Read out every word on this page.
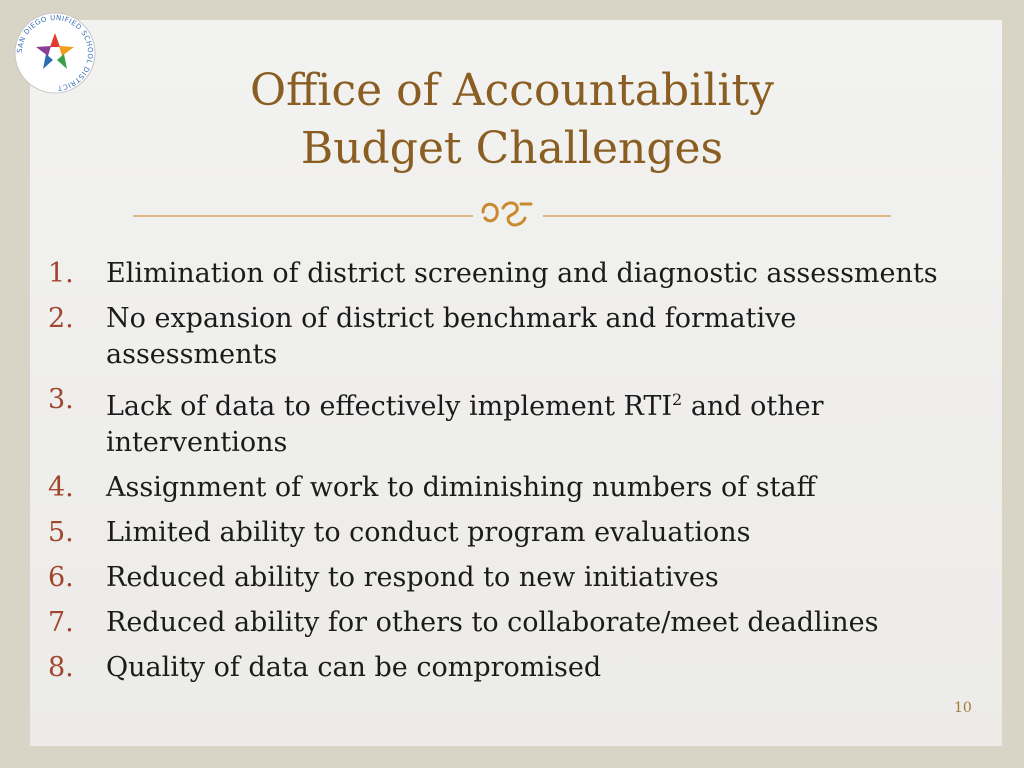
SAN DIEGO UNIFIED SCHOOL DISTRICT	Office of Accountability
Budget Challenges
1.	Elimination of district screening and diagnostic assessments
2.	No expansion of district benchmark and formative assessments
3.	Lack of data to effectively implement RTI$^2$ and other interventions
4.	Assignment of work to diminishing numbers of staff
5.	Limited ability to conduct program evaluations
6.	Reduced ability to respond to new initiatives
7.	Reduced ability for others to collaborate/meet deadlines
8.	Quality of data can be compromised
10
